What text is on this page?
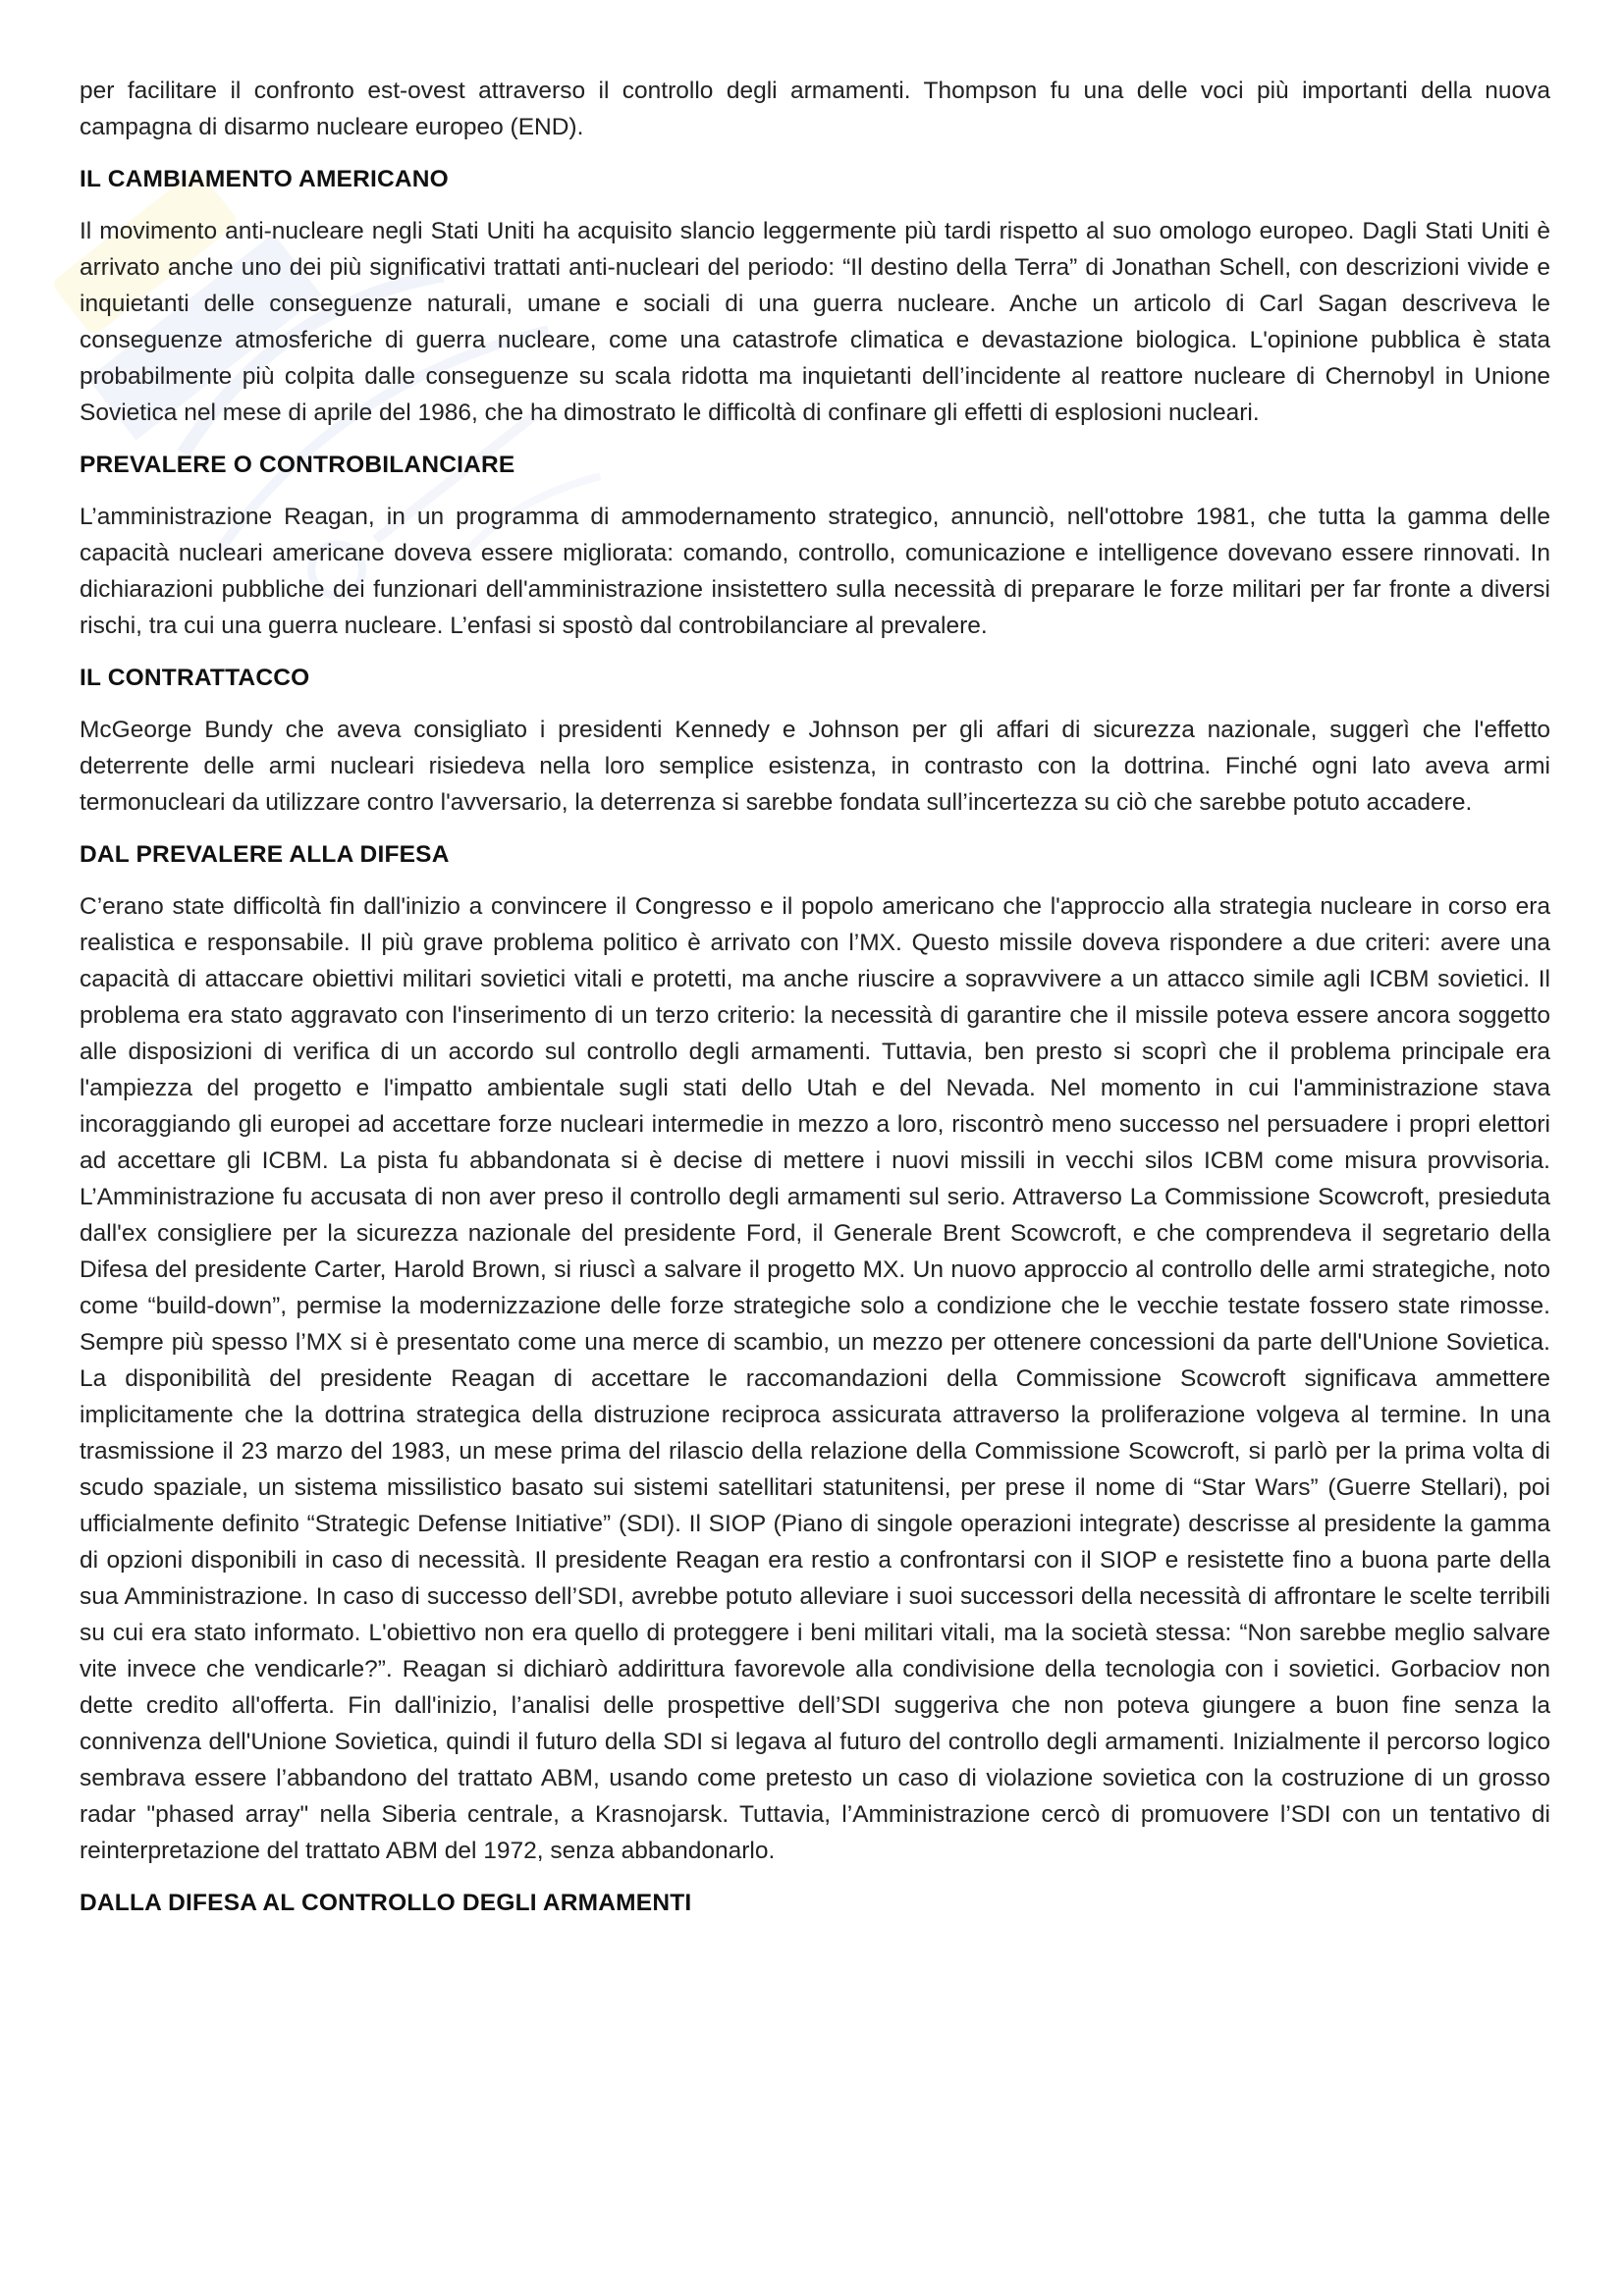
per facilitare il confronto est-ovest attraverso il controllo degli armamenti. Thompson fu una delle voci più importanti della nuova campagna di disarmo nucleare europeo (END).

IL CAMBIAMENTO AMERICANO

Il movimento anti-nucleare negli Stati Uniti ha acquisito slancio leggermente più tardi rispetto al suo omologo europeo. Dagli Stati Uniti è arrivato anche uno dei più significativi trattati anti-nucleari del periodo: “Il destino della Terra” di Jonathan Schell, con descrizioni vivide e inquietanti delle conseguenze naturali, umane e sociali di una guerra nucleare. Anche un articolo di Carl Sagan descriveva le conseguenze atmosferiche di guerra nucleare, come una catastrofe climatica e devastazione biologica. L'opinione pubblica è stata probabilmente più colpita dalle conseguenze su scala ridotta ma inquietanti dell’incidente al reattore nucleare di Chernobyl in Unione Sovietica nel mese di aprile del 1986, che ha dimostrato le difficoltà di confinare gli effetti di esplosioni nucleari.

PREVALERE O CONTROBILANCIARE

L’amministrazione Reagan, in un programma di ammodernamento strategico, annunciò, nell'ottobre 1981, che tutta la gamma delle capacità nucleari americane doveva essere migliorata: comando, controllo, comunicazione e intelligence dovevano essere rinnovati. In dichiarazioni pubbliche dei funzionari dell'amministrazione insistettero sulla necessità di preparare le forze militari per far fronte a diversi rischi, tra cui una guerra nucleare. L’enfasi si spostò dal controbilanciare al prevalere.

IL CONTRATTACCO

McGeorge Bundy che aveva consigliato i presidenti Kennedy e Johnson per gli affari di sicurezza nazionale, suggerì che l'effetto deterrente delle armi nucleari risiedeva nella loro semplice esistenza, in contrasto con la dottrina. Finché ogni lato aveva armi termonucleari da utilizzare contro l'avversario, la deterrenza si sarebbe fondata sull’incertezza su ciò che sarebbe potuto accadere.

DAL PREVALERE ALLA DIFESA

C’erano state difficoltà fin dall'inizio a convincere il Congresso e il popolo americano che l'approccio alla strategia nucleare in corso era realistica e responsabile. Il più grave problema politico è arrivato con l’MX. Questo missile doveva rispondere a due criteri: avere una capacità di attaccare obiettivi militari sovietici vitali e protetti, ma anche riuscire a sopravvivere a un attacco simile agli ICBM sovietici. Il problema era stato aggravato con l'inserimento di un terzo criterio: la necessità di garantire che il missile poteva essere ancora soggetto alle disposizioni di verifica di un accordo sul controllo degli armamenti. Tuttavia, ben presto si scoprì che il problema principale era l'ampiezza del progetto e l'impatto ambientale sugli stati dello Utah e del Nevada. Nel momento in cui l'amministrazione stava incoraggiando gli europei ad accettare forze nucleari intermedie in mezzo a loro, riscontrò meno successo nel persuadere i propri elettori ad accettare gli ICBM. La pista fu abbandonata si è decise di mettere i nuovi missili in vecchi silos ICBM come misura provvisoria. L’Amministrazione fu accusata di non aver preso il controllo degli armamenti sul serio. Attraverso La Commissione Scowcroft, presieduta dall'ex consigliere per la sicurezza nazionale del presidente Ford, il Generale Brent Scowcroft, e che comprendeva il segretario della Difesa del presidente Carter, Harold Brown, si riuscì a salvare il progetto MX. Un nuovo approccio al controllo delle armi strategiche, noto come “build-down”, permise la modernizzazione delle forze strategiche solo a condizione che le vecchie testate fossero state rimosse. Sempre più spesso l’MX si è presentato come una merce di scambio, un mezzo per ottenere concessioni da parte dell'Unione Sovietica. La disponibilità del presidente Reagan di accettare le raccomandazioni della Commissione Scowcroft significava ammettere implicitamente che la dottrina strategica della distruzione reciproca assicurata attraverso la proliferazione volgeva al termine. In una trasmissione il 23 marzo del 1983, un mese prima del rilascio della relazione della Commissione Scowcroft, si parlò per la prima volta di scudo spaziale, un sistema missilistico basato sui sistemi satellitari statunitensi, per prese il nome di “Star Wars” (Guerre Stellari), poi ufficialmente definito “Strategic Defense Initiative” (SDI). Il SIOP (Piano di singole operazioni integrate) descrisse al presidente la gamma di opzioni disponibili in caso di necessità. Il presidente Reagan era restio a confrontarsi con il SIOP e resistette fino a buona parte della sua Amministrazione. In caso di successo dell’SDI, avrebbe potuto alleviare i suoi successori della necessità di affrontare le scelte terribili su cui era stato informato. L'obiettivo non era quello di proteggere i beni militari vitali, ma la società stessa: “Non sarebbe meglio salvare vite invece che vendicarle?”. Reagan si dichiarò addirittura favorevole alla condivisione della tecnologia con i sovietici. Gorbaciov non dette credito all'offerta. Fin dall'inizio, l’analisi delle prospettive dell’SDI suggeriva che non poteva giungere a buon fine senza la connivenza dell'Unione Sovietica, quindi il futuro della SDI si legava al futuro del controllo degli armamenti. Inizialmente il percorso logico sembrava essere l’abbandono del trattato ABM, usando come pretesto un caso di violazione sovietica con la costruzione di un grosso radar "phased array" nella Siberia centrale, a Krasnojarsk. Tuttavia, l’Amministrazione cercò di promuovere l’SDI con un tentativo di reinterpretazione del trattato ABM del 1972, senza abbandonarlo.

DALLA DIFESA AL CONTROLLO DEGLI ARMAMENTI
